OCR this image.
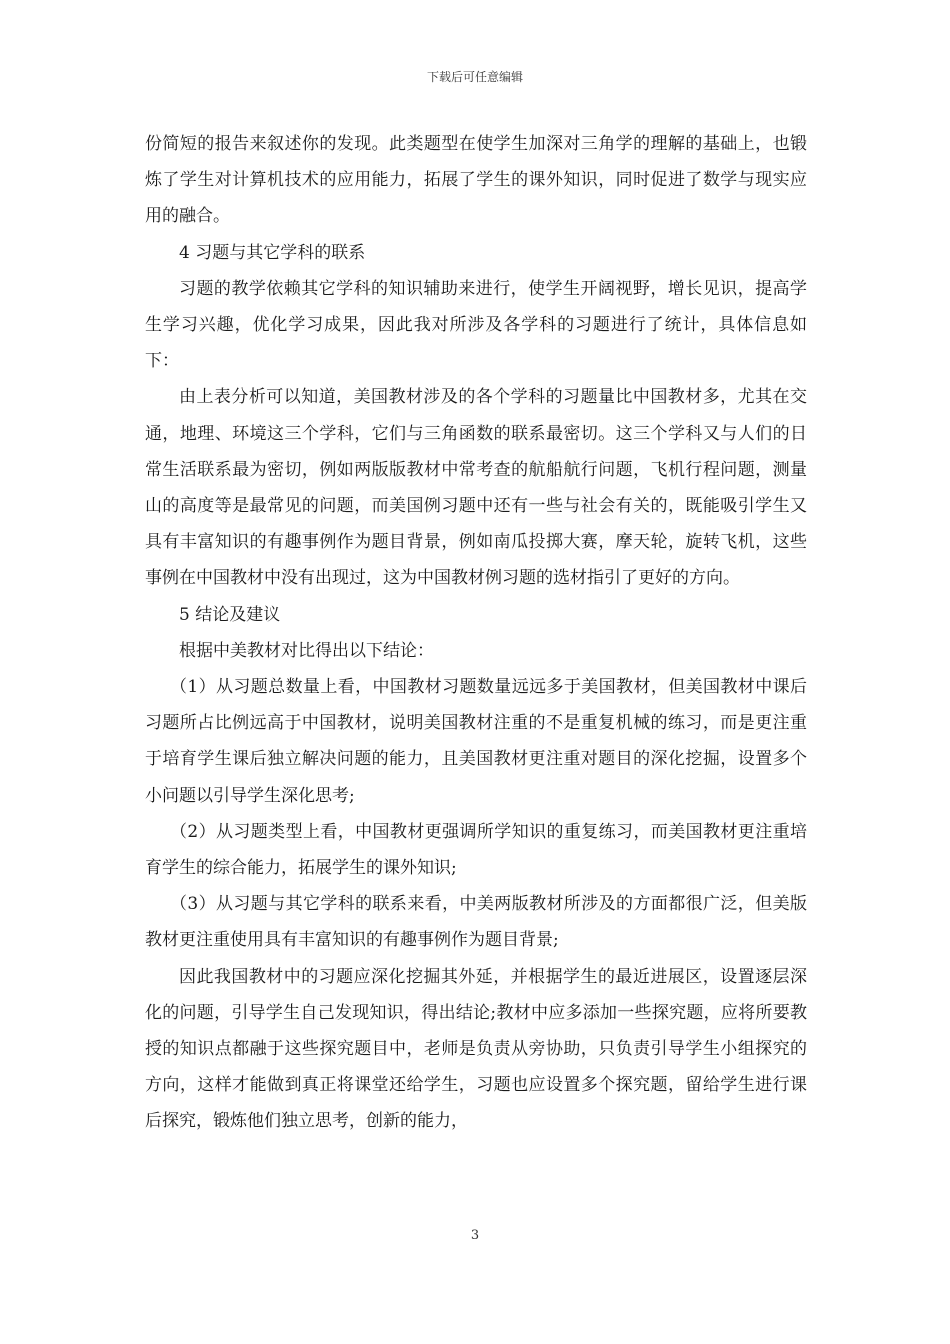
下载后可任意编辑

份简短的报告来叙述你的发现。此类题型在使学生加深对三角学的理解的基础上，也锻炼了学生对计算机技术的应用能力，拓展了学生的课外知识，同时促进了数学与现实应用的融合。

4 习题与其它学科的联系

习题的教学依赖其它学科的知识辅助来进行，使学生开阔视野，增长见识，提高学生学习兴趣，优化学习成果，因此我对所涉及各学科的习题进行了统计，具体信息如下：

由上表分析可以知道，美国教材涉及的各个学科的习题量比中国教材多，尤其在交通，地理、环境这三个学科，它们与三角函数的联系最密切。这三个学科又与人们的日常生活联系最为密切，例如两版版教材中常考查的航船航行问题，飞机行程问题，测量山的高度等是最常见的问题，而美国例习题中还有一些与社会有关的，既能吸引学生又具有丰富知识的有趣事例作为题目背景，例如南瓜投掷大赛，摩天轮，旋转飞机，这些事例在中国教材中没有出现过，这为中国教材例习题的选材指引了更好的方向。

5 结论及建议

根据中美教材对比得出以下结论：

（1）从习题总数量上看，中国教材习题数量远远多于美国教材，但美国教材中课后习题所占比例远高于中国教材，说明美国教材注重的不是重复机械的练习，而是更注重于培育学生课后独立解决问题的能力，且美国教材更注重对题目的深化挖掘，设置多个小问题以引导学生深化思考;

（2）从习题类型上看，中国教材更强调所学知识的重复练习，而美国教材更注重培育学生的综合能力，拓展学生的课外知识;

（3）从习题与其它学科的联系来看，中美两版教材所涉及的方面都很广泛，但美版教材更注重使用具有丰富知识的有趣事例作为题目背景;

因此我国教材中的习题应深化挖掘其外延，并根据学生的最近进展区，设置逐层深化的问题，引导学生自己发现知识，得出结论;教材中应多添加一些探究题，应将所要教授的知识点都融于这些探究题目中，老师是负责从旁协助，只负责引导学生小组探究的方向，这样才能做到真正将课堂还给学生，习题也应设置多个探究题，留给学生进行课后探究，锻炼他们独立思考，创新的能力，

3
